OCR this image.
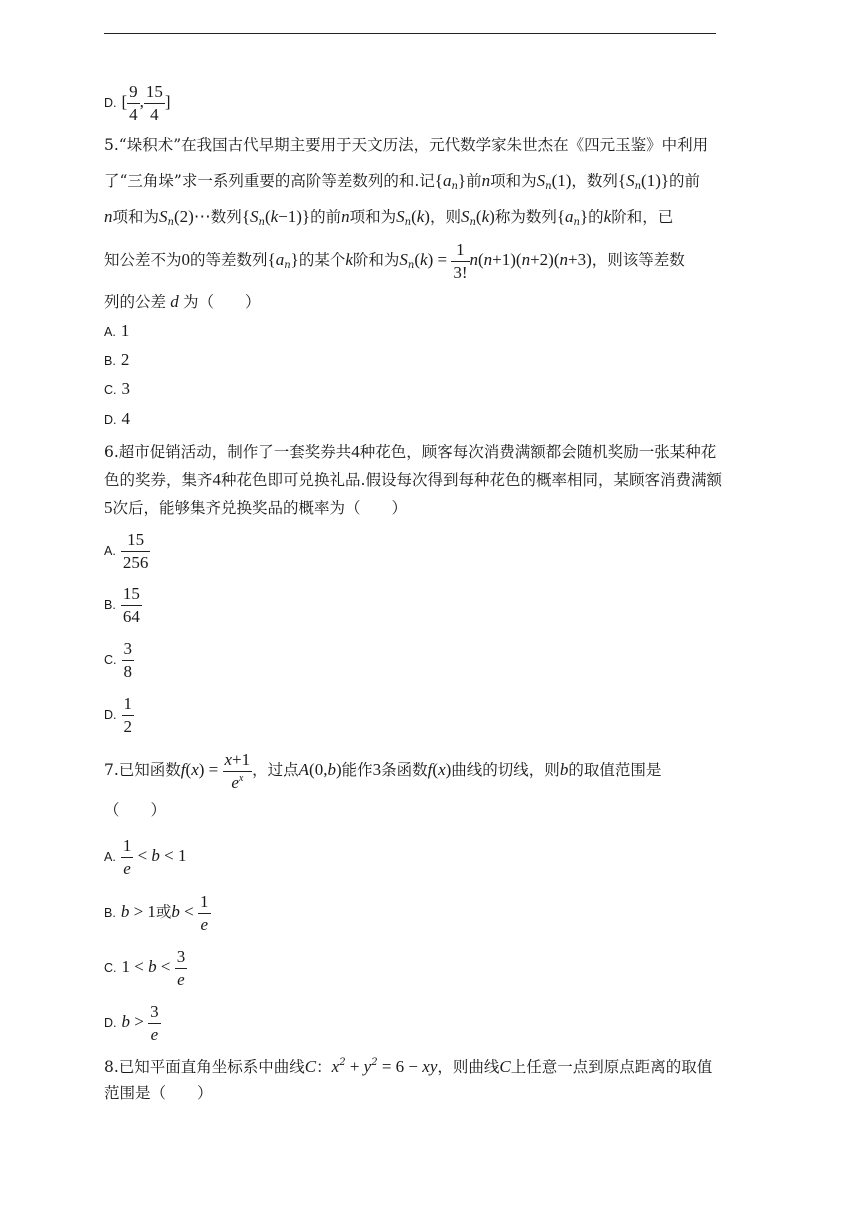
D. [ $\frac{9}{4}$ , $\frac{15}{4}$ ]
5.“垛积术”在我国古代早期主要用于天文历法，元代数学家朱世杰在《四元玉鉴》中利用
了“三角垛”求一系列重要的高阶等差数列的和.记$\{a_n\}$前n项和为$S_n(1)$，数列$\{S_n(1)\}$的前
n项和为$S_n(2)\cdots$数列$\{S_n(k-1)\}$的前n项和为$S_n(k)$，则$S_n(k)$称为数列$\{a_n\}$的k阶和，已
知公差不为0的等差数列$\{a_n\}$的某个k阶和为$S_n(k) = \frac{1}{3!} n(n+1)(n+2)(n+3)$，则该等差数
列的公差 d 为（　　）
A. 1
B. 2
C. 3
D. 4
6.超市促销活动，制作了一套奖券共4种花色，顾客每次消费满额都会随机奖励一张某种花
色的奖券，集齐4种花色即可兑换礼品.假设每次得到每种花色的概率相同，某顾客消费满额
5次后，能够集齐兑换奖品的概率为（　　）
A. $\frac{15}{256}$
B. $\frac{15}{64}$
C. $\frac{3}{8}$
D. $\frac{1}{2}$
7.已知函数$f(x) = \frac{x+1}{e^x}$ ，过点A(0,b)能作3条函数f(x)曲线的切线，则b的取值范围是
（　　）
A. $\frac{1}{e} < b < 1$
B. b > 1或$b < \frac{1}{e}$
C. $1 < b < \frac{3}{e}$
D. $b > \frac{3}{e}$
8.已知平面直角坐标系中曲线C：$x^2 + y^2 = 6$ − xy，则曲线C上任意一点到原点距离的取值
范围是（　　）
